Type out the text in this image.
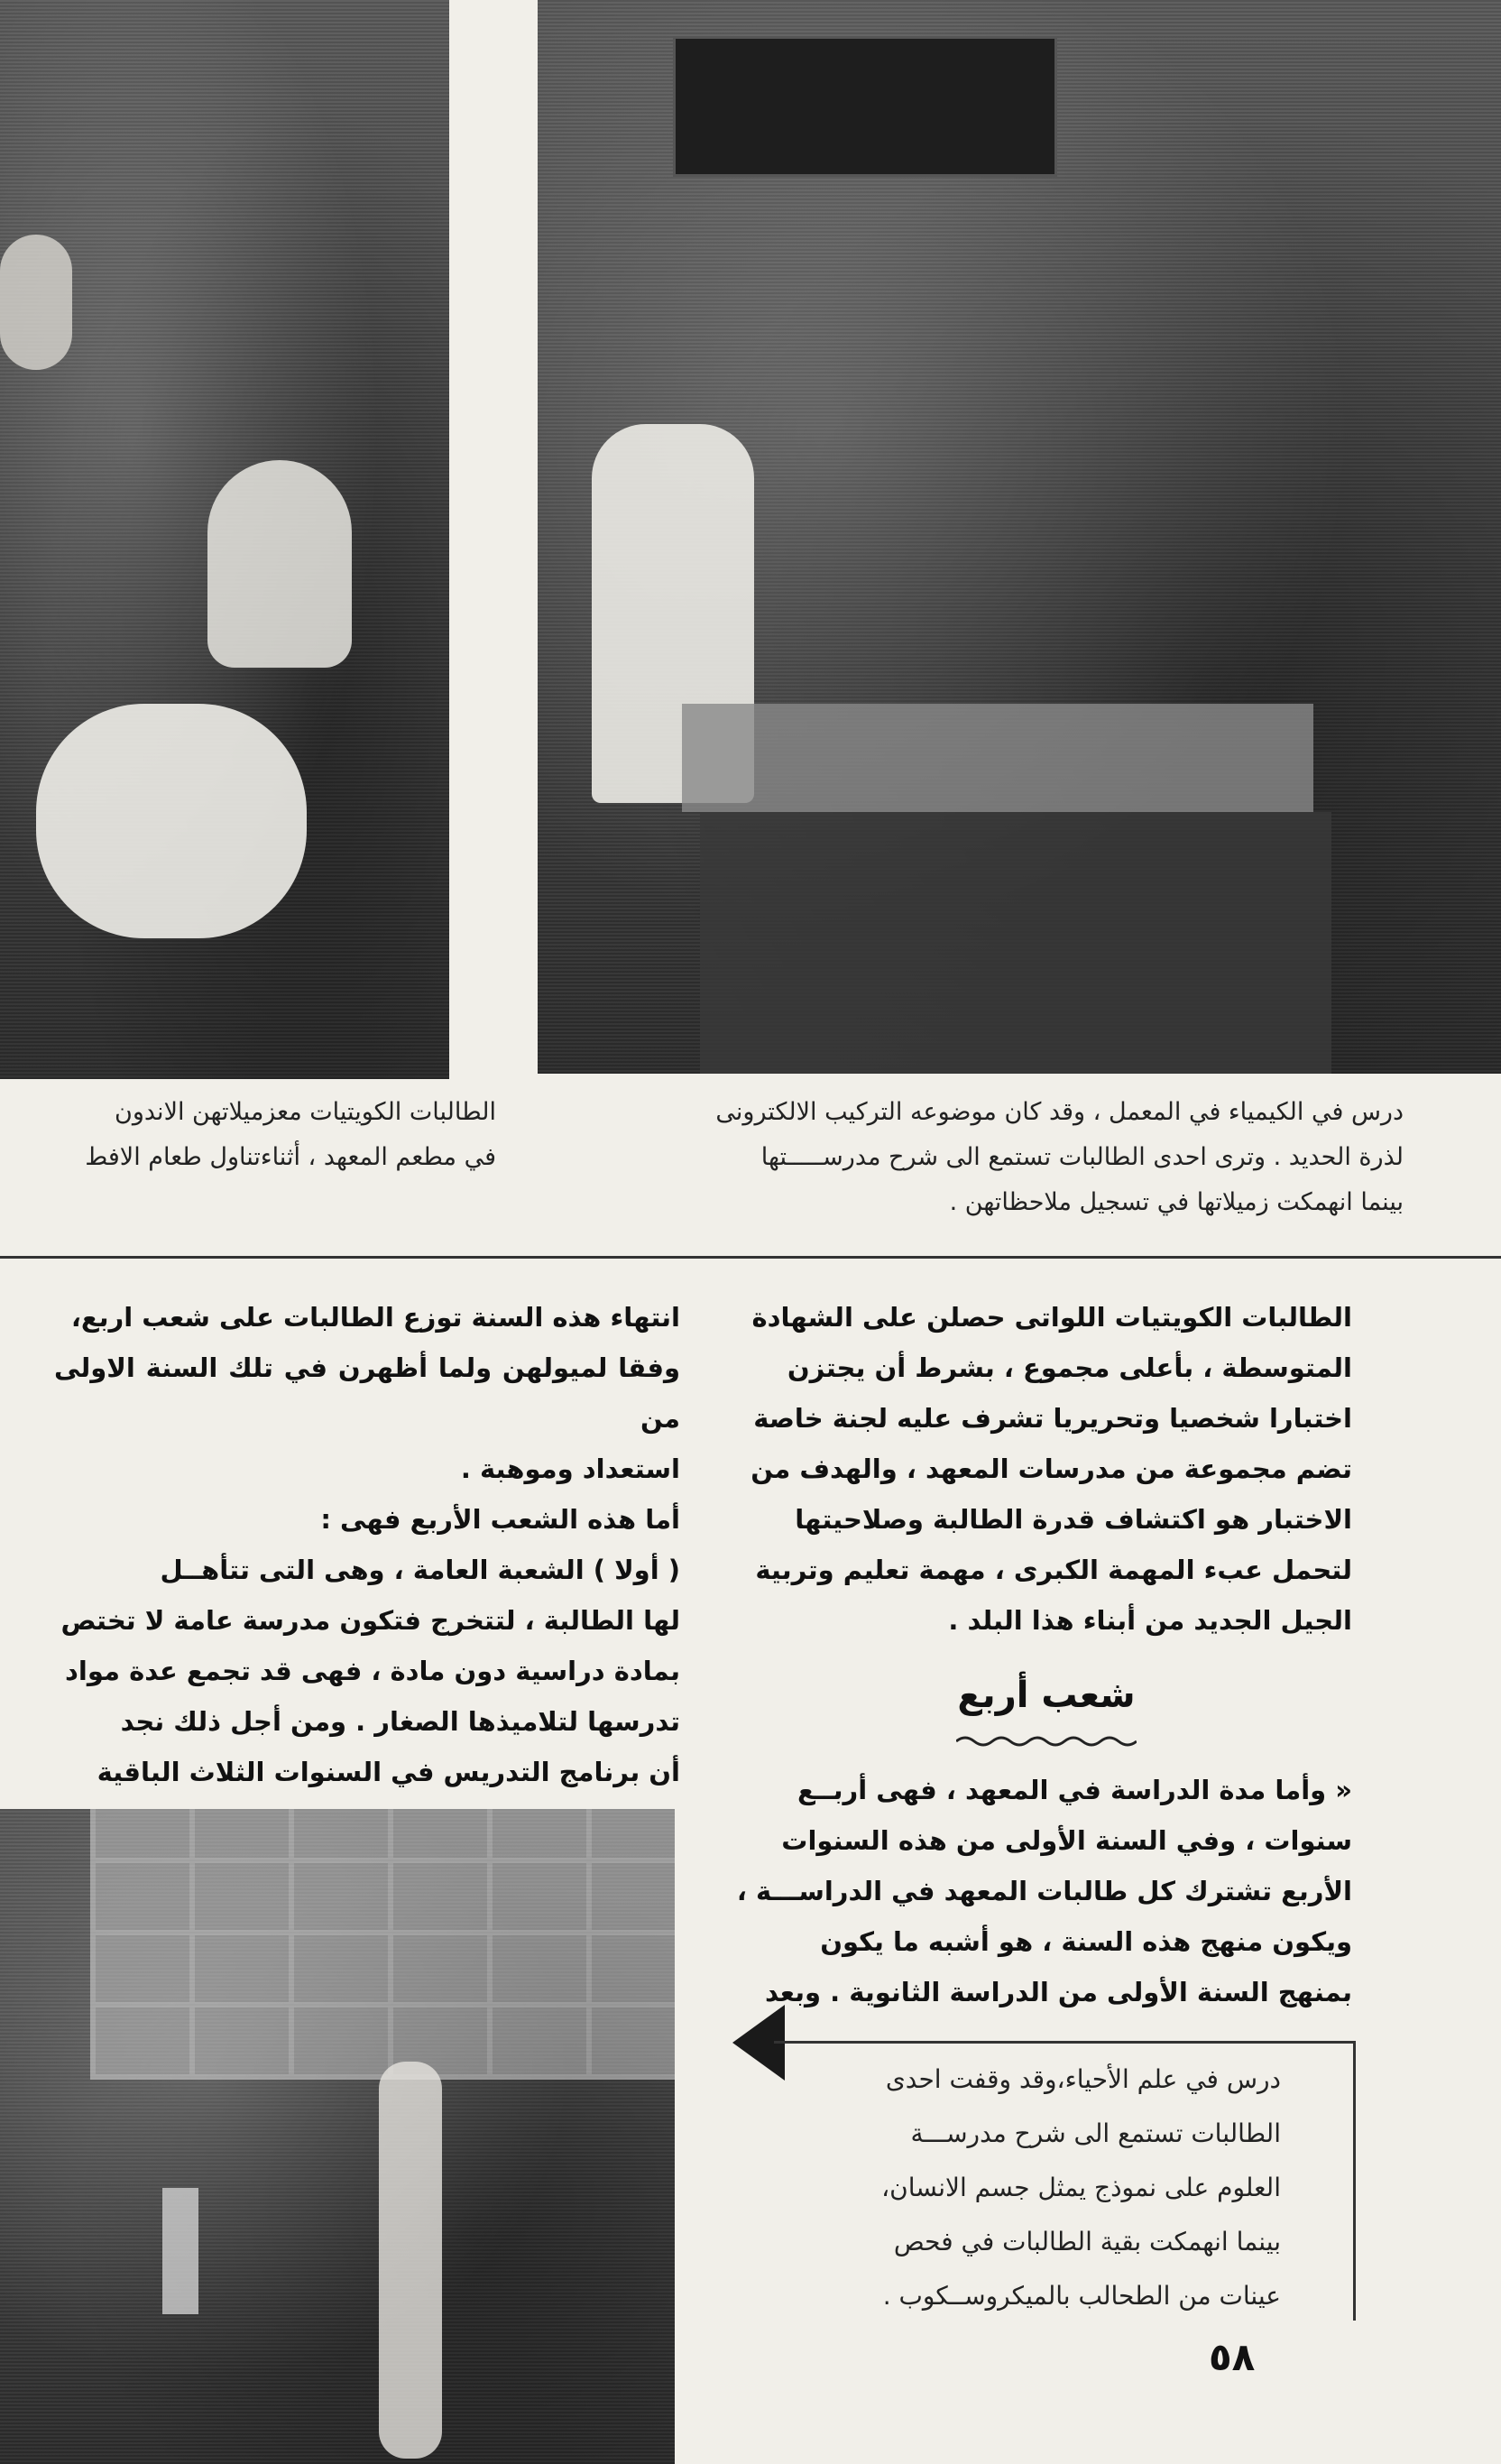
الطالبات الكويتيات معزميلاتهن الاندون
في مطعم المعهد ، أثناءتناول طعام الافط
درس في الكيمياء في المعمل ، وقد كان موضوعه التركيب الالكترونى
لذرة الحديد . وترى احدى الطالبات تستمع الى شرح مدرســـــتها
بينما انهمكت زميلاتها في تسجيل ملاحظاتهن .
الطالبات الكويتيات اللواتى حصلن على الشهادة
المتوسطة ، بأعلى مجموع ، بشرط أن يجتزن
اختبارا شخصيا وتحريريا تشرف عليه لجنة خاصة
تضم مجموعة من مدرسات المعهد ، والهدف من
الاختبار هو اكتشاف قدرة الطالبة وصلاحيتها
لتحمل عبء المهمة الكبرى ، مهمة تعليم وتربية
الجيل الجديد من أبناء هذا البلد .
شعب أربع
« وأما مدة الدراسة في المعهد ، فهى أربــع
سنوات ، وفي السنة الأولى من هذه السنوات
الأربع تشترك كل طالبات المعهد في الدراســـة ،
ويكون منهج هذه السنة ، هو أشبه ما يكون
بمنهج السنة الأولى من الدراسة الثانوية . وبعد
انتهاء هذه السنة توزع الطالبات على شعب اربع،
وفقا لميولهن ولما أظهرن في تلك السنة الاولى من
استعداد وموهبة .
أما هذه الشعب الأربع فهى :
( أولا ) الشعبة العامة ، وهى التى تتأهــل
لها الطالبة ، لتتخرج فتكون مدرسة عامة لا تختص
بمادة دراسية دون مادة ، فهى قد تجمع عدة مواد
تدرسها لتلاميذها الصغار . ومن أجل ذلك نجد
أن برنامج التدريس في السنوات الثلاث الباقية
درس في علم الأحياء،وقد وقفت احدى
الطالبات تستمع الى شرح مدرســـة
العلوم على نموذج يمثل جسم الانسان،
بينما انهمكت بقية الطالبات في فحص
عينات من الطحالب بالميكروســكوب .
٥٨
